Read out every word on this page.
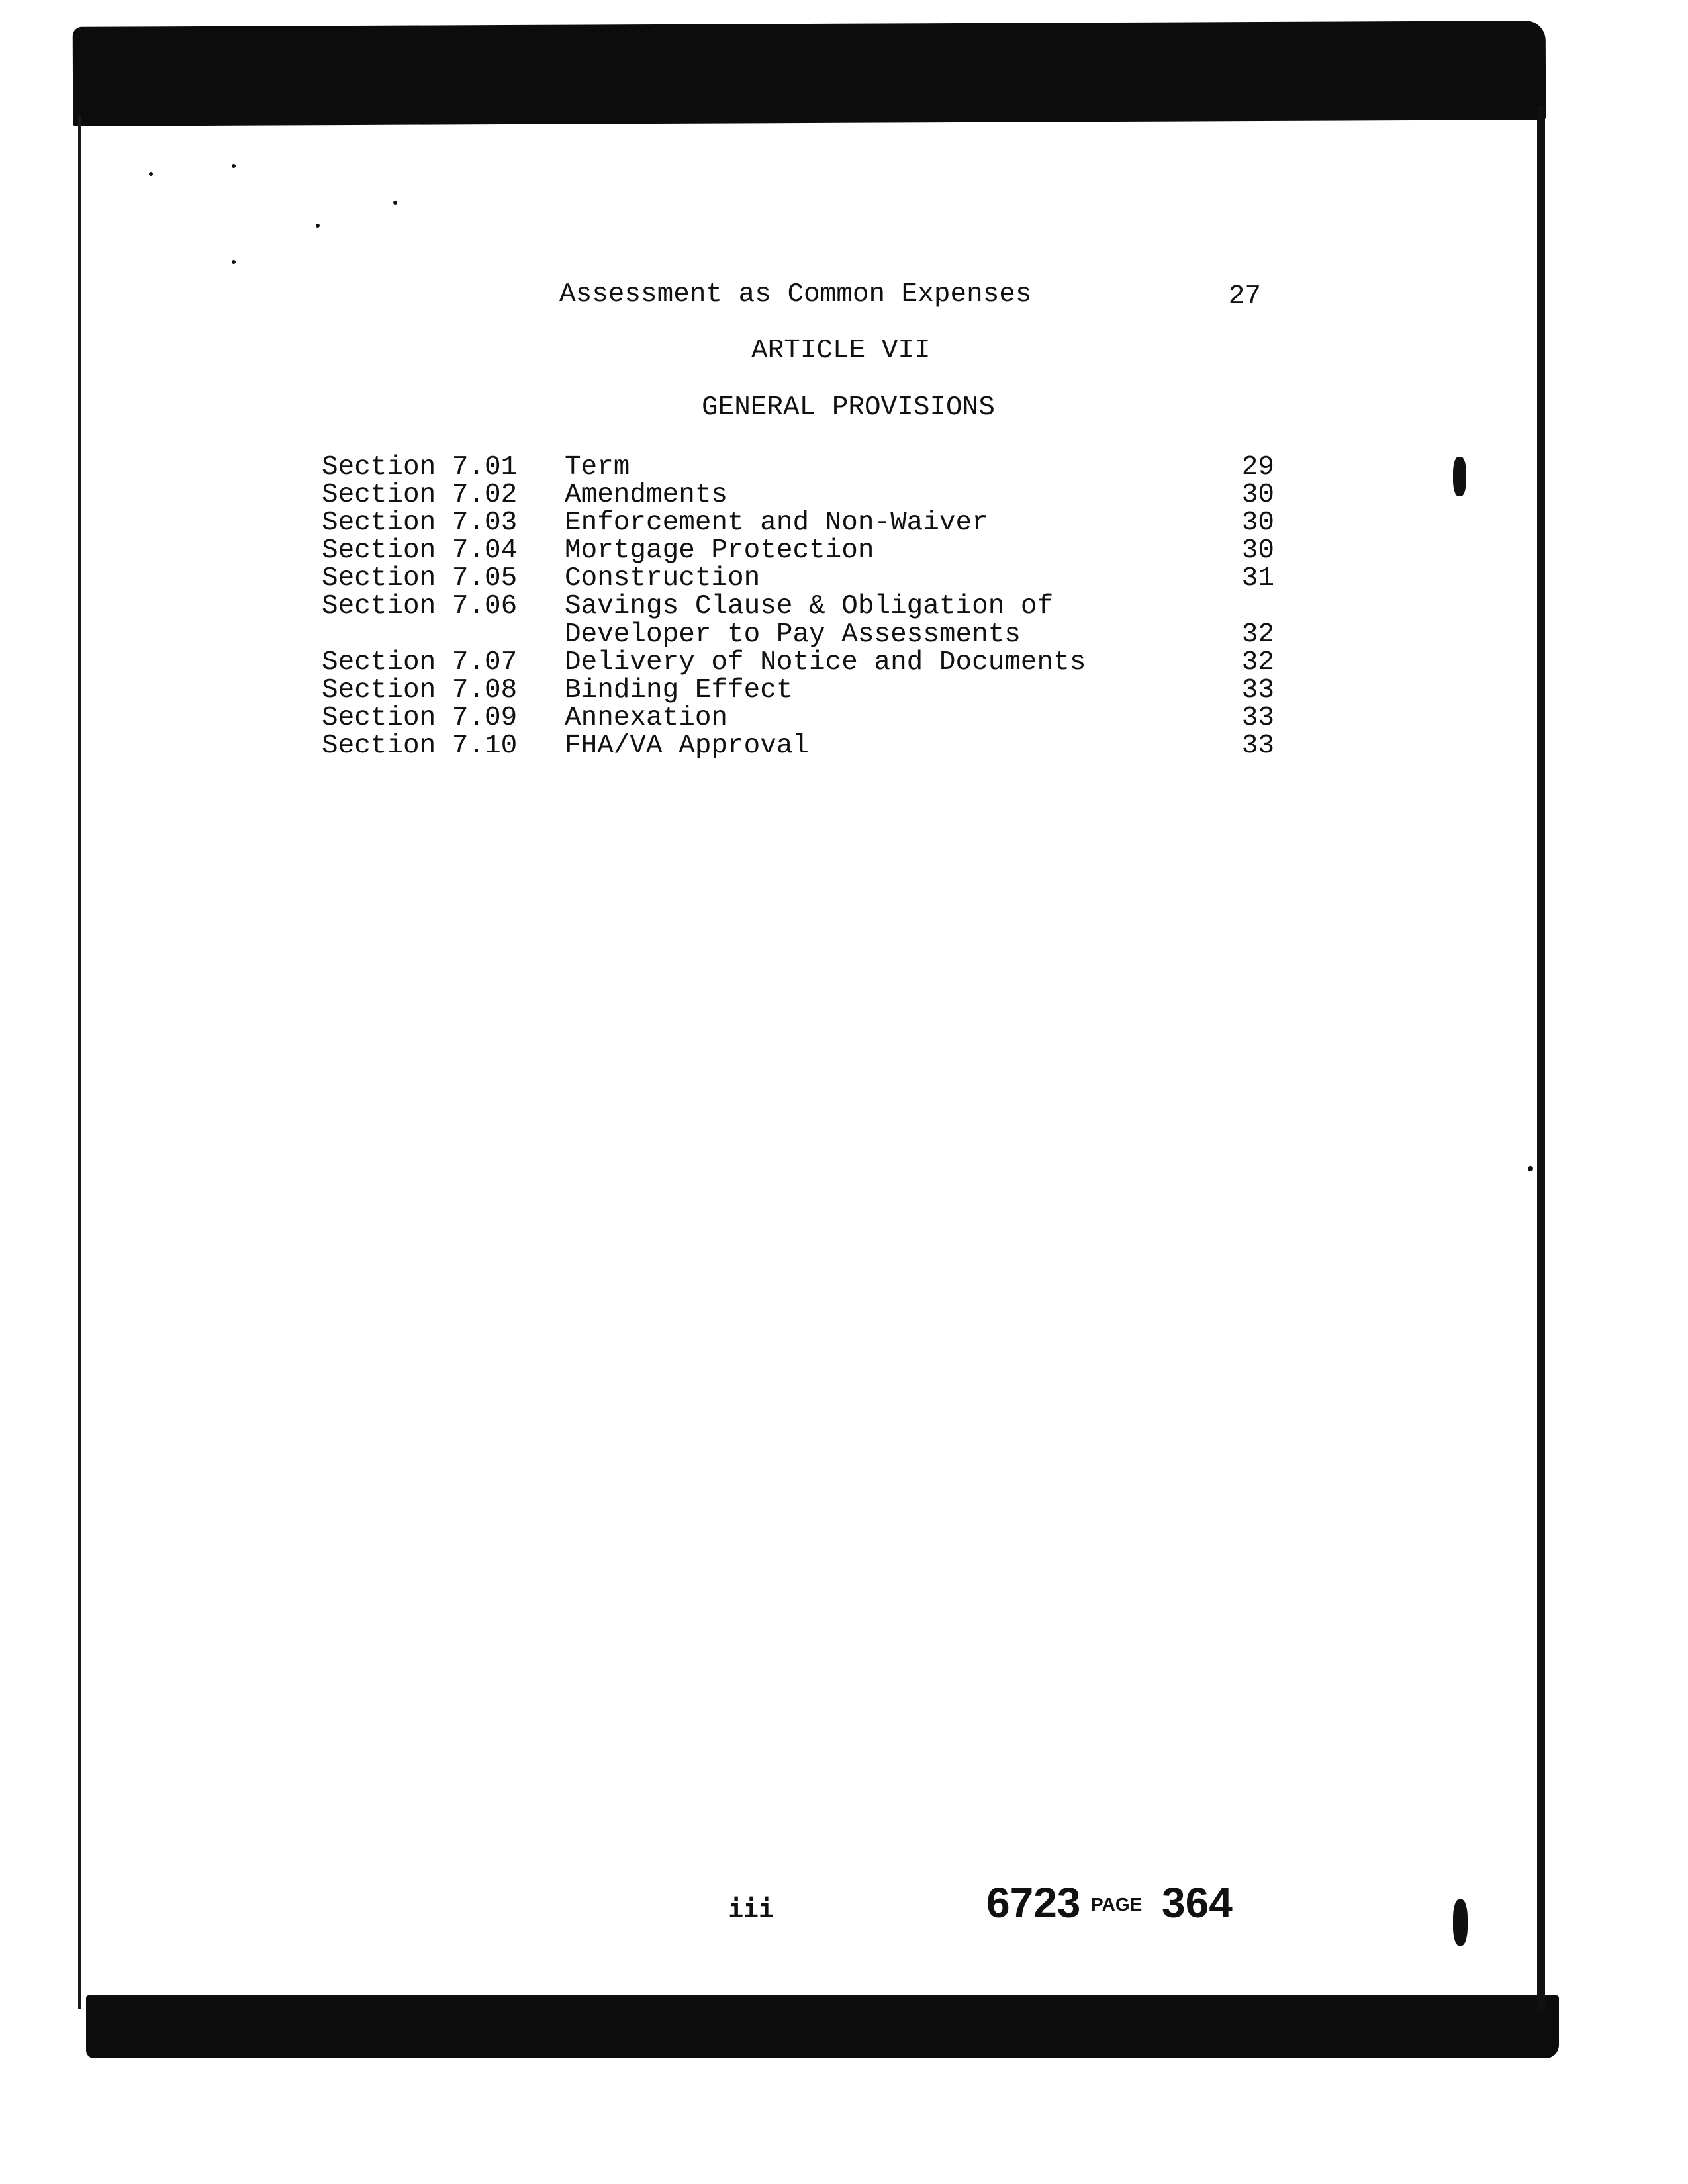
Assessment as Common Expenses	27
ARTICLE VII
GENERAL PROVISIONS
Section 7.01 Term	29
Section 7.02 Amendments	30
Section 7.03 Enforcement and Non-Waiver	30
Section 7.04 Mortgage Protection	30
Section 7.05 Construction	31
Section 7.06 Savings Clause & Obligation of
Developer to Pay Assessments	32
Section 7.07 Delivery of Notice and Documents	32
Section 7.08 Binding Effect	33
Section 7.09 Annexation	33
Section 7.10 FHA/VA Approval	33
iii	6723 PAGE 364
